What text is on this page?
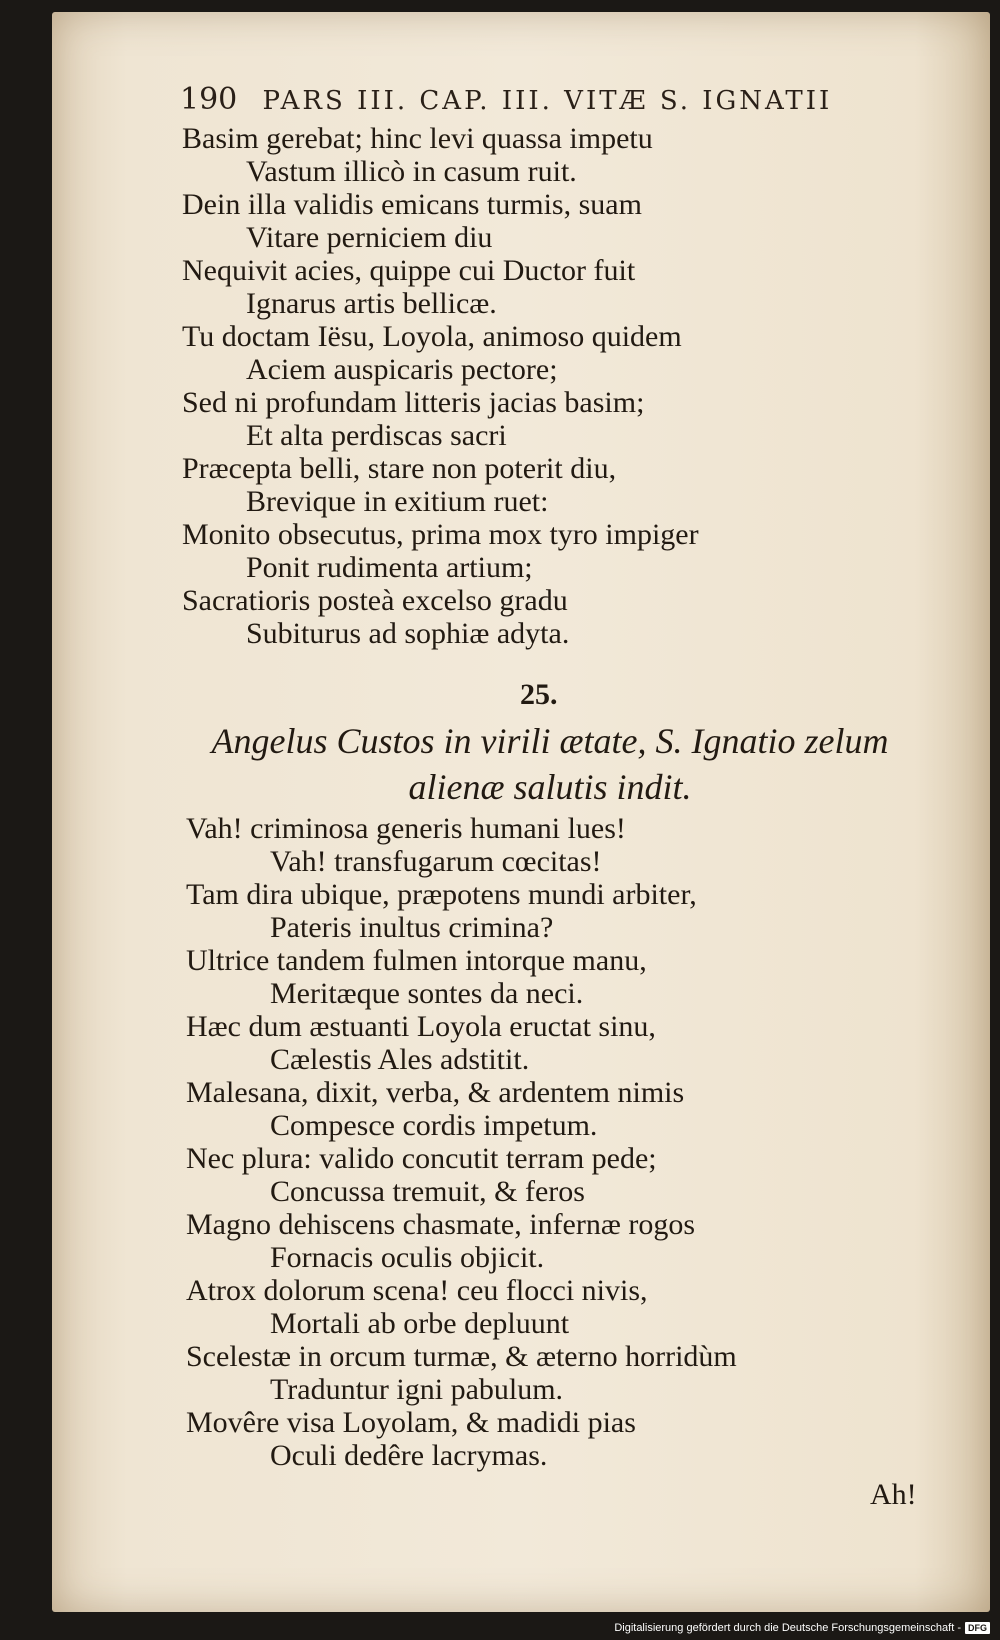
190 PARS III. CAP. III. VITÆ S. IGNATII
Basim gerebat; hinc levi quassa impetu
Vastum illicò in casum ruit.
Dein illa validis emicans turmis, suam
Vitare perniciem diu
Nequivit acies, quippe cui Ductor fuit
Ignarus artis bellicæ.
Tu doctam Iësu, Loyola, animoso quidem
Aciem auspicaris pectore;
Sed ni profundam litteris jacias basim;
Et alta perdiscas sacri
Præcepta belli, stare non poterit diu,
Brevique in exitium ruet:
Monito obsecutus, prima mox tyro impiger
Ponit rudimenta artium;
Sacratioris posteà excelso gradu
Subiturus ad sophiæ adyta.
25.
Angelus Custos in virili ætate, S. Ignatio zelum
alienæ salutis indit.
Vah! criminosa generis humani lues!
Vah! transfugarum cœcitas!
Tam dira ubique, præpotens mundi arbiter,
Pateris inultus crimina?
Ultrice tandem fulmen intorque manu,
Meritæque sontes da neci.
Hæc dum æstuanti Loyola eructat sinu,
Cælestis Ales adstitit.
Malesana, dixit, verba, & ardentem nimis
Compesce cordis impetum.
Nec plura: valido concutit terram pede;
Concussa tremuit, & feros
Magno dehiscens chasmate, infernæ rogos
Fornacis oculis objicit.
Atrox dolorum scena! ceu flocci nivis,
Mortali ab orbe depluunt
Scelestæ in orcum turmæ, & æterno horridùm
Traduntur igni pabulum.
Movêre visa Loyolam, & madidi pias
Oculi dedêre lacrymas.
Ah!
Digitalisierung gefördert durch die Deutsche Forschungsgemeinschaft - DFG
